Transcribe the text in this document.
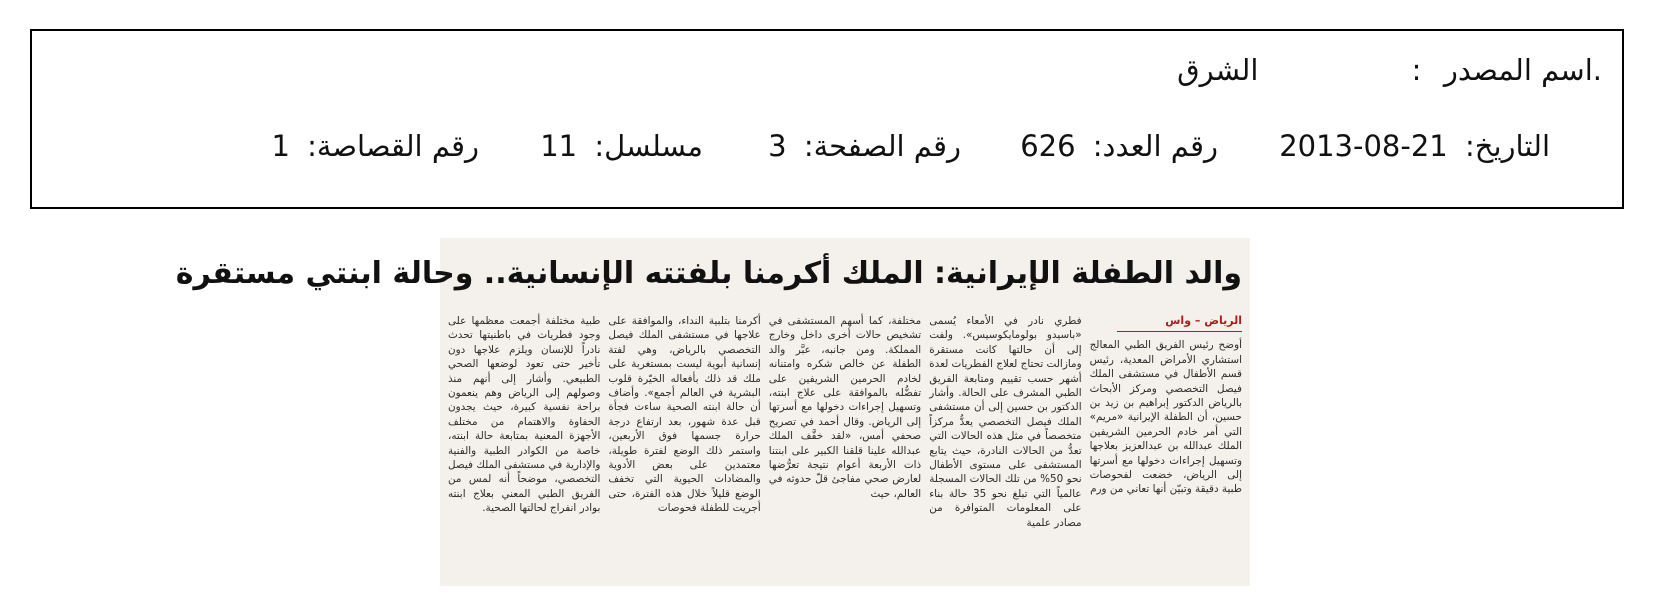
.اسم المصدر  : الشرق
التاريخ: 2013-08-21 رقم العدد: 626 رقم الصفحة: 3 مسلسل: 11 رقم القصاصة: 1
والد الطفلة الإيرانية: الملك أكرمنا بلفتته الإنسانية.. وحالة ابنتي مستقرة
الرياض – واس

أوضح رئيس الفريق الطبي المعالج استشاري الأمراض المعدية، رئيس قسم الأطفال في مستشفى الملك فيصل التخصصي ومركز الأبحاث بالرياض الدكتور إبراهيم بن زيد بن حسين، أن الطفلة الإيرانية «مريم» التي أمر خادم الحرمين الشريفين الملك عبدالله بن عبدالعزيز بعلاجها وتسهيل إجراءات دخولها مع أسرتها إلى الرياض، خضعت لفحوصات طبية دقيقة وتبيّن أنها تعاني من ورم

فطري نادر في الأمعاء يُسمى «باسيدو بولومايكوسيس». ولفت إلى أن حالتها كانت مستقرة ومازالت تحتاج لعلاج الفطريات لعدة أشهر حسب تقييم ومتابعة الفريق الطبي المشرف على الحالة. وأشار الدكتور بن حسين إلى أن مستشفى الملك فيصل التخصصي يعدُّ مركزاً متخصصاً في مثل هذه الحالات التي تعدُّ من الحالات النادرة، حيث يتابع المستشفى على مستوى الأطفال نحو 50% من تلك الحالات المسجلة عالمياً التي تبلغ نحو 35 حالة بناء على المعلومات المتوافرة من مصادر علمية

مختلفة، كما أسهم المستشفى في تشخيص حالات أخرى داخل وخارج المملكة. ومن جانبه، عبَّر والد الطفلة عن خالص شكره وامتنانه لخادم الحرمين الشريفين على تفضُّله بالموافقة على علاج ابنته، وتسهيل إجراءات دخولها مع أسرتها إلى الرياض. وقال أحمد في تصريح صحفي أمس، «لقد خفَّف الملك عبدالله علينا قلقنا الكبير على ابنتنا ذات الأربعة أعوام نتيجة تعرُّضها لعارض صحي مفاجئ قلّ حدوثه في العالم، حيث

أكرمنا بتلبية النداء، والموافقة على علاجها في مستشفى الملك فيصل التخصصي بالرياض، وهي لفتة إنسانية أبوية ليست بمستغربة على ملك قد ذلك بأفعاله الخيّرة قلوب البشرية في العالم أجمع». وأضاف أن حالة ابنته الصحية ساءت فجأة قبل عدة شهور، بعد ارتفاع درجة حرارة جسمها فوق الأربعين، واستمر ذلك الوضع لفترة طويلة، معتمدين على بعض الأدوية والمضادات الحيوية التي تخفف الوضع قليلاً خلال هذه الفترة، حتى أجريت للطفلة فحوصات

طبية مختلفة أجمعت معظمها على وجود فطريات في باطنيتها تحدث نادراً للإنسان ويلزم علاجها دون تأخير حتى تعود لوضعها الصحي الطبيعي. وأشار إلى أنهم منذ وصولهم إلى الرياض وهم ينعمون براحة نفسية كبيرة، حيث يجدون الحفاوة والاهتمام من مختلف الأجهزة المعنية بمتابعة حالة ابنته، خاصة من الكوادر الطبية والفنية والإدارية في مستشفى الملك فيصل التخصصي، موضحاً أنه لمس من الفريق الطبي المعني بعلاج ابنته بوادر انفراج لحالتها الصحية.
